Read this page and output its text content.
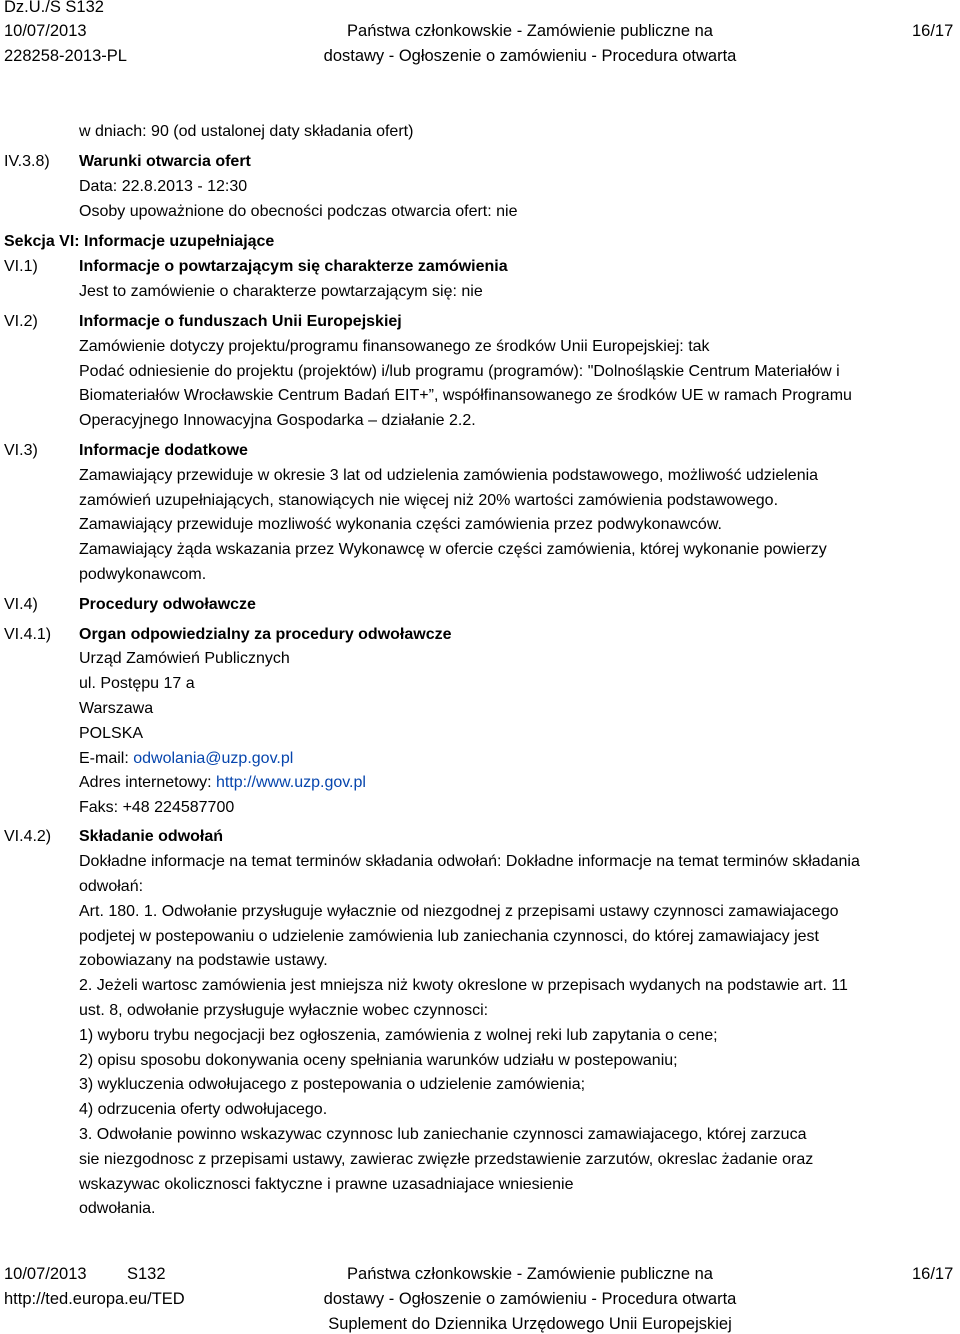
Dz.U./S S132
10/07/2013
228258-2013-PL
Państwa członkowskie - Zamówienie publiczne na
dostawy - Ogłoszenie o zamówieniu - Procedura otwarta
16/17
w dniach: 90 (od ustalonej daty składania ofert)
IV.3.8) Warunki otwarcia ofert
Data: 22.8.2013 - 12:30
Osoby upoważnione do obecności podczas otwarcia ofert: nie
Sekcja VI: Informacje uzupełniające
VI.1)	Informacje o powtarzającym się charakterze zamówienia
Jest to zamówienie o charakterze powtarzającym się: nie
VI.2)	Informacje o funduszach Unii Europejskiej
Zamówienie dotyczy projektu/programu finansowanego ze środków Unii Europejskiej: tak
Podać odniesienie do projektu (projektów) i/lub programu (programów): "Dolnośląskie Centrum Materiałów i
Biomateriałów Wrocławskie Centrum Badań EIT+”, współfinansowanego ze środków UE w ramach Programu
Operacyjnego Innowacyjna Gospodarka – działanie 2.2.
VI.3)	Informacje dodatkowe
Zamawiający przewiduje w okresie 3 lat od udzielenia zamówienia podstawowego, możliwość udzielenia
zamówień uzupełniających, stanowiących nie więcej niż 20% wartości zamówienia podstawowego.
Zamawiający przewiduje mozliwość wykonania części zamówienia przez podwykonawców.
Zamawiający żąda wskazania przez Wykonawcę w ofercie części zamówienia, której wykonanie powierzy
podwykonawcom.
VI.4)	Procedury odwoławcze
VI.4.1) Organ odpowiedzialny za procedury odwoławcze
Urząd Zamówień Publicznych
ul. Postępu 17 a
Warszawa
POLSKA
E-mail: odwolania@uzp.gov.pl
Adres internetowy: http://www.uzp.gov.pl
Faks: +48 224587700
VI.4.2) Składanie odwołań
Dokładne informacje na temat terminów składania odwołań: Dokładne informacje na temat terminów składania
odwołań:
Art. 180. 1. Odwołanie przysługuje wyłacznie od niezgodnej z przepisami ustawy czynnosci zamawiajacego
podjetej w postepowaniu o udzielenie zamówienia lub zaniechania czynnosci, do której zamawiajacy jest
zobowiazany na podstawie ustawy.
2. Jeżeli wartosc zamówienia jest mniejsza niż kwoty okreslone w przepisach wydanych na podstawie art. 11
ust. 8, odwołanie przysługuje wyłacznie wobec czynnosci:
1) wyboru trybu negocjacji bez ogłoszenia, zamówienia z wolnej reki lub zapytania o cene;
2) opisu sposobu dokonywania oceny spełniania warunków udziału w postepowaniu;
3) wykluczenia odwołujacego z postepowania o udzielenie zamówienia;
4) odrzucenia oferty odwołujacego.
3. Odwołanie powinno wskazywac czynnosc lub zaniechanie czynnosci zamawiajacego, której zarzuca
sie niezgodnosc z przepisami ustawy, zawierac zwięzłe przedstawienie zarzutów, okreslac żadanie oraz
wskazywac okolicznosci faktyczne i prawne uzasadniajace wniesienie
odwołania.
10/07/2013 S132
http://ted.europa.eu/TED
Państwa członkowskie - Zamówienie publiczne na
dostawy - Ogłoszenie o zamówieniu - Procedura otwarta
Suplement do Dziennika Urzędowego Unii Europejskiej
16/17
